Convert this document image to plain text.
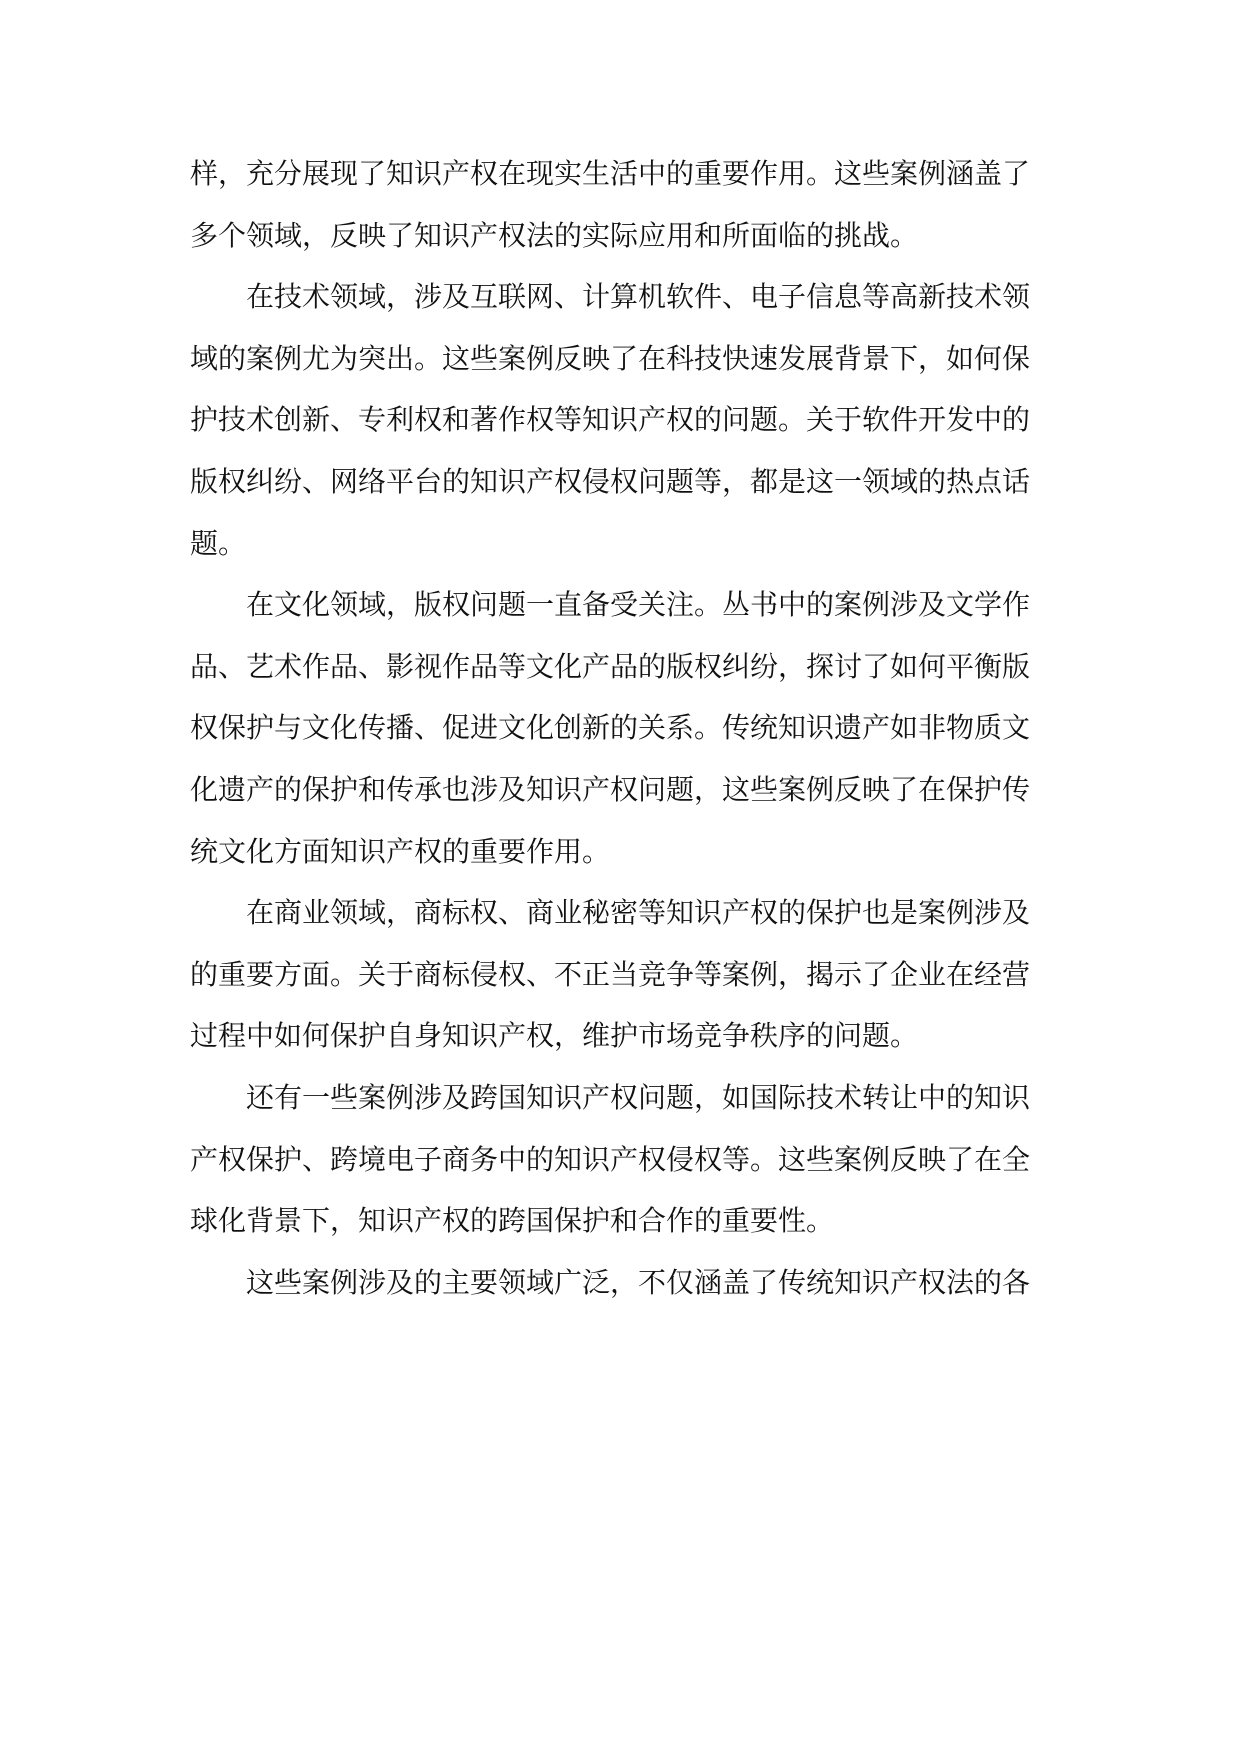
样，充分展现了知识产权在现实生活中的重要作用。这些案例涵盖了
多个领域，反映了知识产权法的实际应用和所面临的挑战。
在技术领域，涉及互联网、计算机软件、电子信息等高新技术领
域的案例尤为突出。这些案例反映了在科技快速发展背景下，如何保
护技术创新、专利权和著作权等知识产权的问题。关于软件开发中的
版权纠纷、网络平台的知识产权侵权问题等，都是这一领域的热点话
题。
在文化领域，版权问题一直备受关注。丛书中的案例涉及文学作
品、艺术作品、影视作品等文化产品的版权纠纷，探讨了如何平衡版
权保护与文化传播、促进文化创新的关系。传统知识遗产如非物质文
化遗产的保护和传承也涉及知识产权问题，这些案例反映了在保护传
统文化方面知识产权的重要作用。
在商业领域，商标权、商业秘密等知识产权的保护也是案例涉及
的重要方面。关于商标侵权、不正当竞争等案例，揭示了企业在经营
过程中如何保护自身知识产权，维护市场竞争秩序的问题。
还有一些案例涉及跨国知识产权问题，如国际技术转让中的知识
产权保护、跨境电子商务中的知识产权侵权等。这些案例反映了在全
球化背景下，知识产权的跨国保护和合作的重要性。
这些案例涉及的主要领域广泛，不仅涵盖了传统知识产权法的各
